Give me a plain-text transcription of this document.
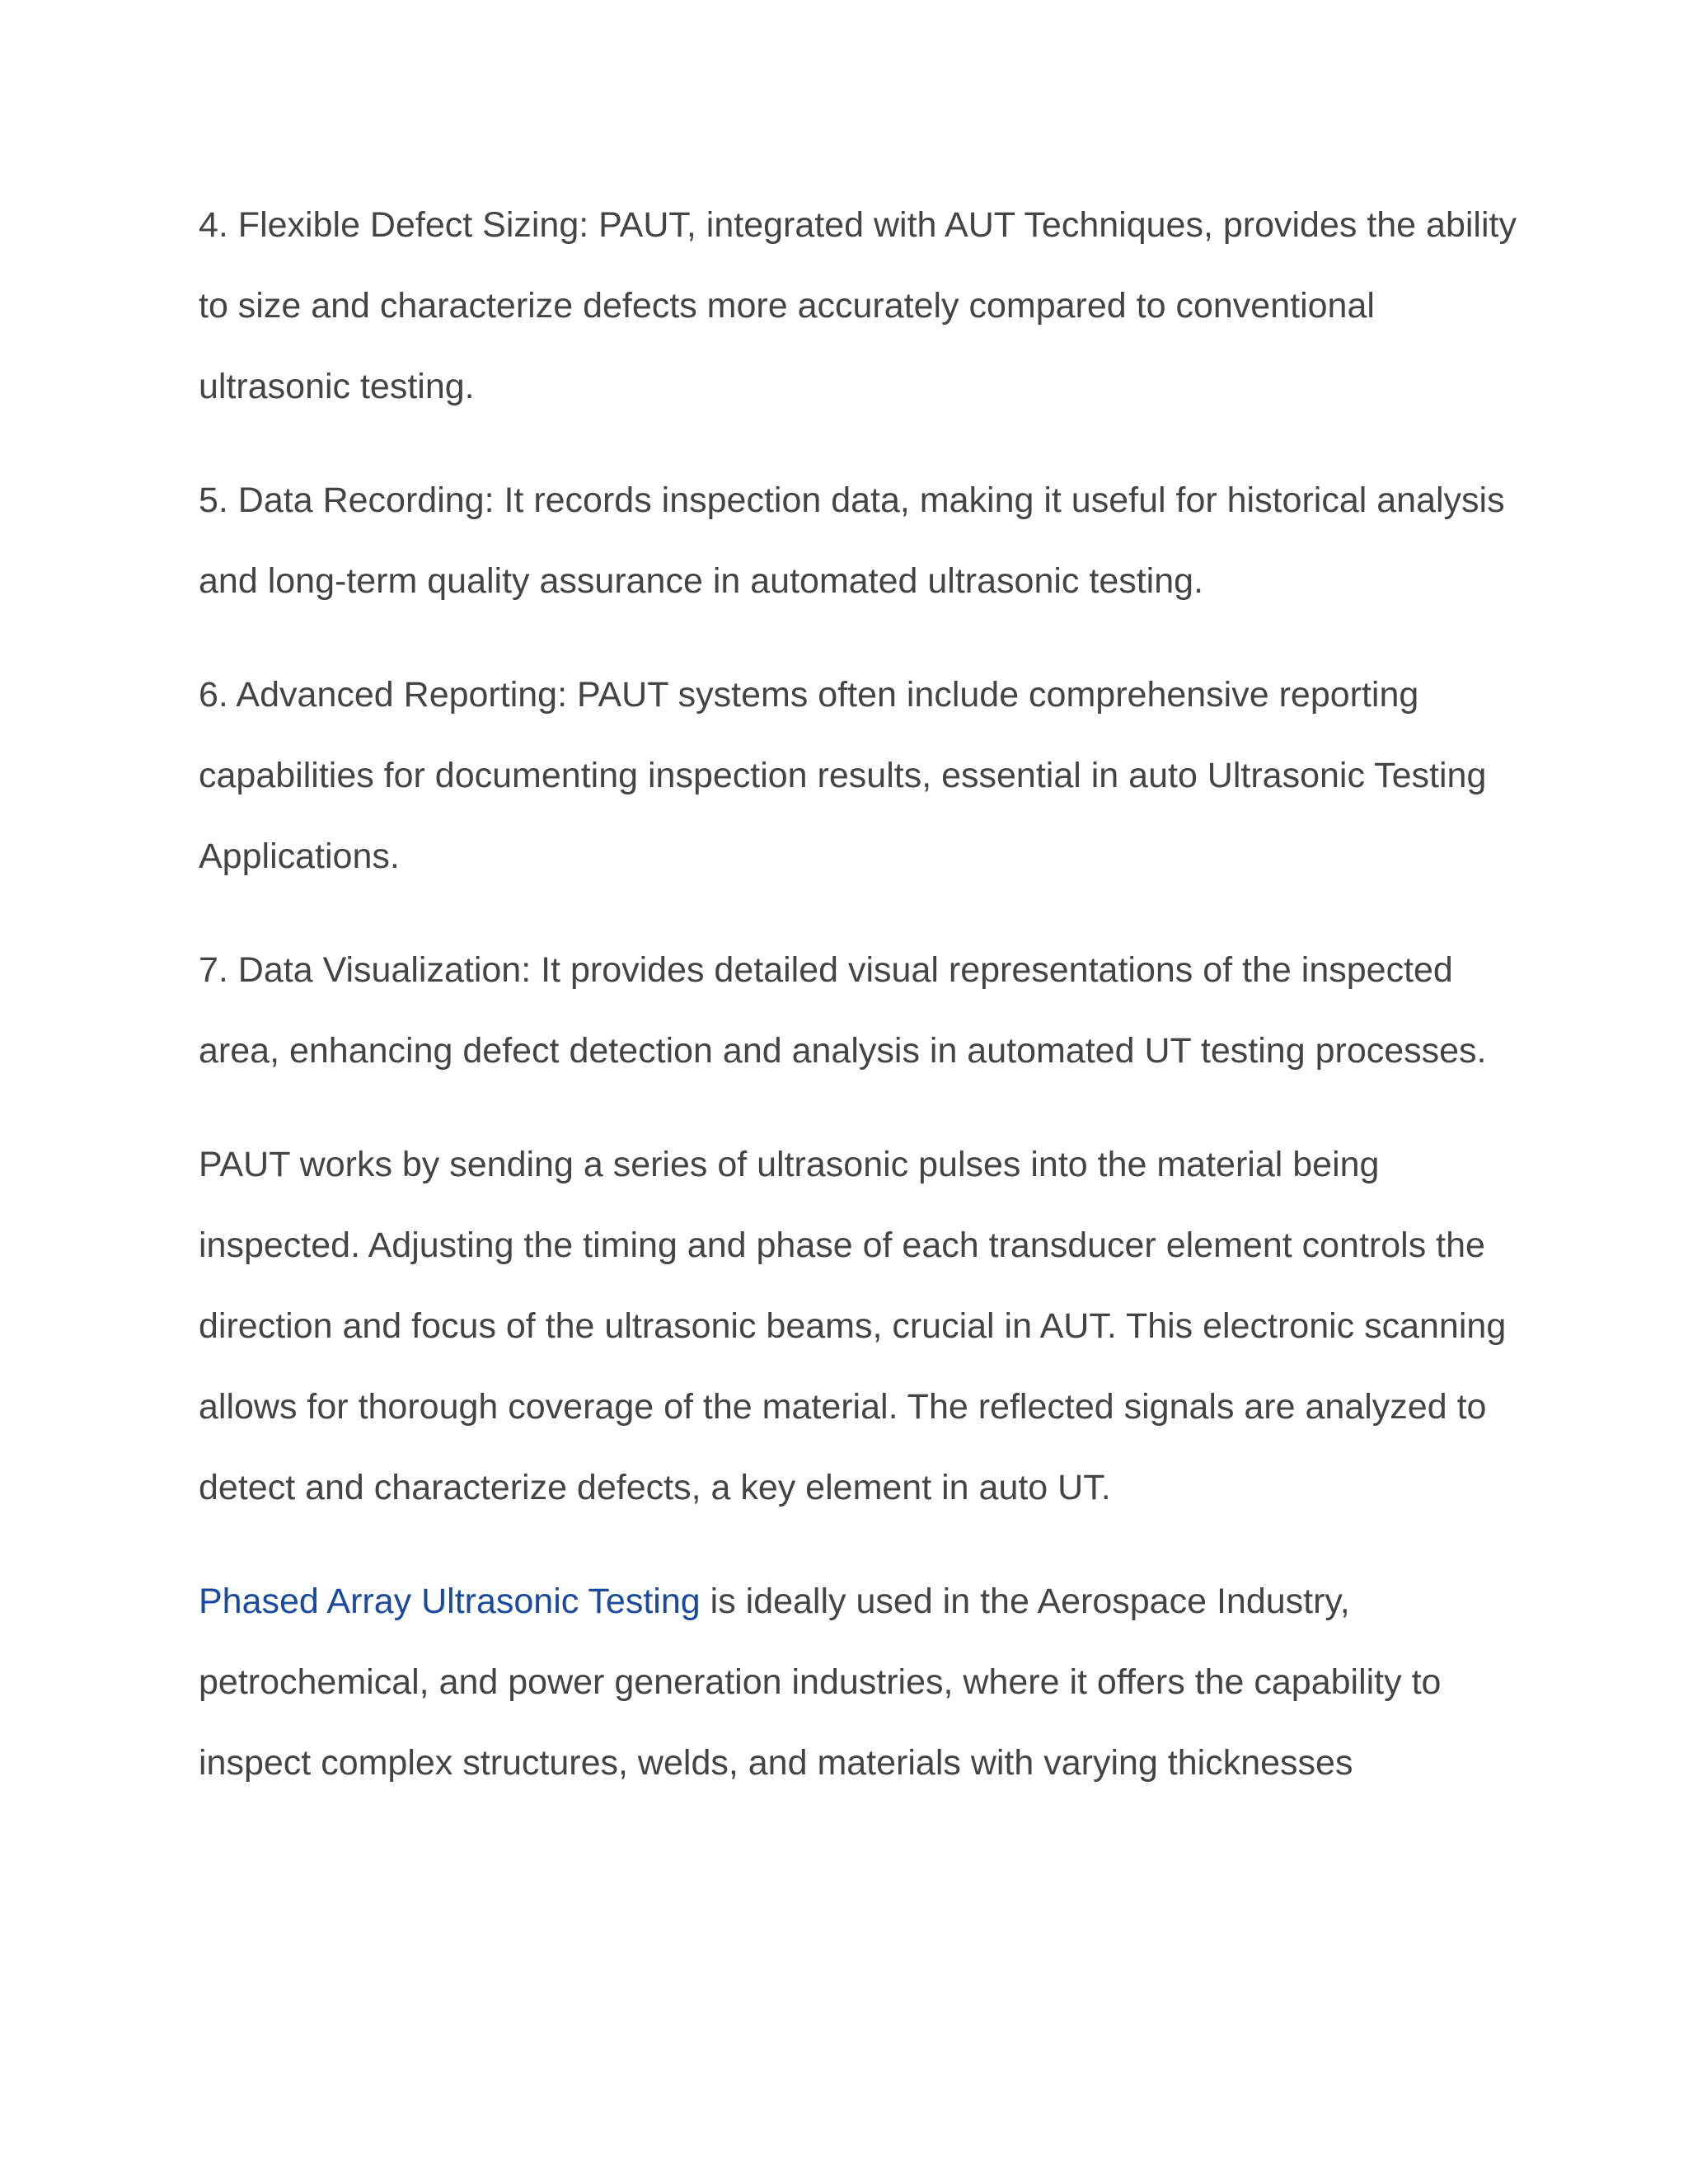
4. Flexible Defect Sizing: PAUT, integrated with AUT Techniques, provides the ability to size and characterize defects more accurately compared to conventional ultrasonic testing.

5. Data Recording: It records inspection data, making it useful for historical analysis and long-term quality assurance in automated ultrasonic testing.

6. Advanced Reporting: PAUT systems often include comprehensive reporting capabilities for documenting inspection results, essential in auto Ultrasonic Testing Applications.

7. Data Visualization: It provides detailed visual representations of the inspected area, enhancing defect detection and analysis in automated UT testing processes.

PAUT works by sending a series of ultrasonic pulses into the material being inspected. Adjusting the timing and phase of each transducer element controls the direction and focus of the ultrasonic beams, crucial in AUT. This electronic scanning allows for thorough coverage of the material. The reflected signals are analyzed to detect and characterize defects, a key element in auto UT.

Phased Array Ultrasonic Testing is ideally used in the Aerospace Industry, petrochemical, and power generation industries, where it offers the capability to inspect complex structures, welds, and materials with varying thicknesses
